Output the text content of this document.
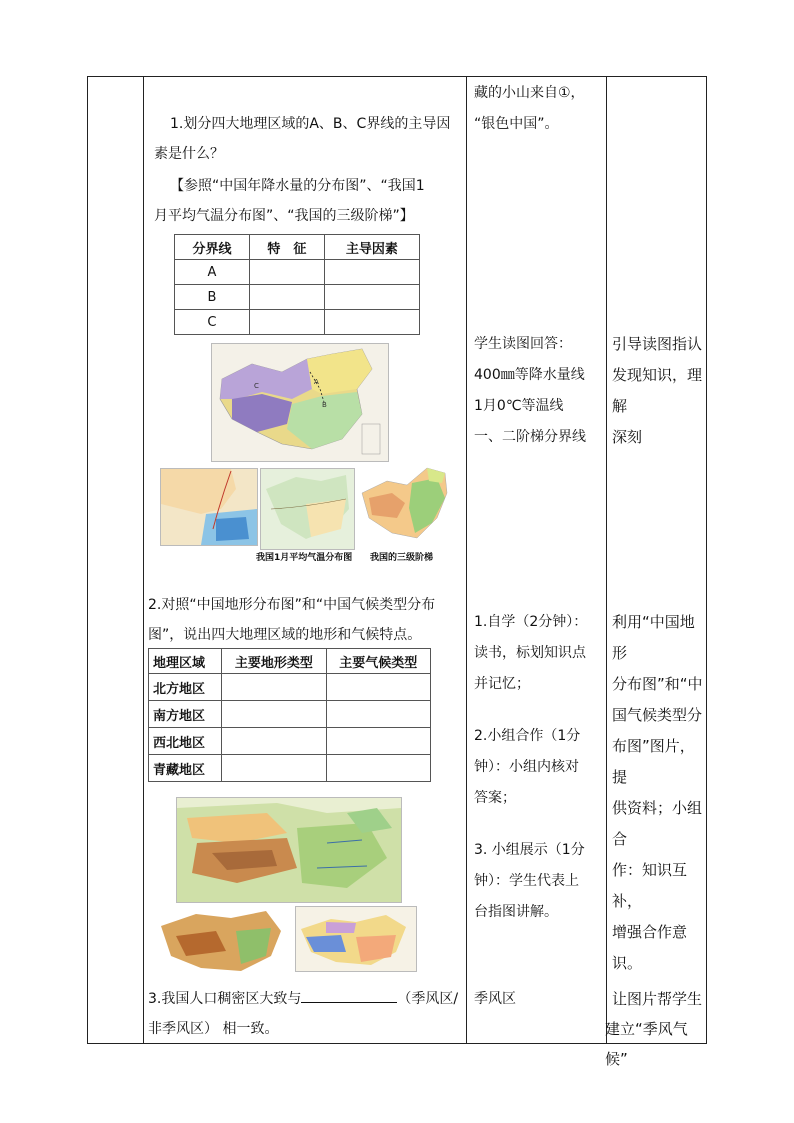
藏的小山来自①，
“银色中国”。
1.划分四大地理区域的A、B、C界线的主导因
素是什么？
【参照“中国年降水量的分布图”、“我国1
月平均气温分布图”、“我国的三级阶梯”】
分界线	特　征	主导因素
A		
B		
C		
C	A
B
我国1月平均气温分布图 我国的三级阶梯
学生读图回答：
400㎜等降水量线
1月0℃等温线
一、二阶梯分界线
引导读图指认
发现知识，理解
深刻
2.对照“中国地形分布图”和“中国气候类型分布
图”，说出四大地理区域的地形和气候特点。
地理区域	主要地形类型	主要气候类型
北方地区		
南方地区		
西北地区		
青藏地区		
1.自学（2分钟）：
读书，标划知识点
并记忆；
2.小组合作（1分
钟）：小组内核对
答案；
3. 小组展示（1分
钟）：学生代表上
台指图讲解。
利用“中国地形
分布图”和“中
国气候类型分
布图”图片，提
供资料；小组合
作：知识互补，
增强合作意识。
3.我国人口稠密区大致与	（季风区/
非季风区） 相一致。
季风区	让图片帮学生
建立“季风气候”
